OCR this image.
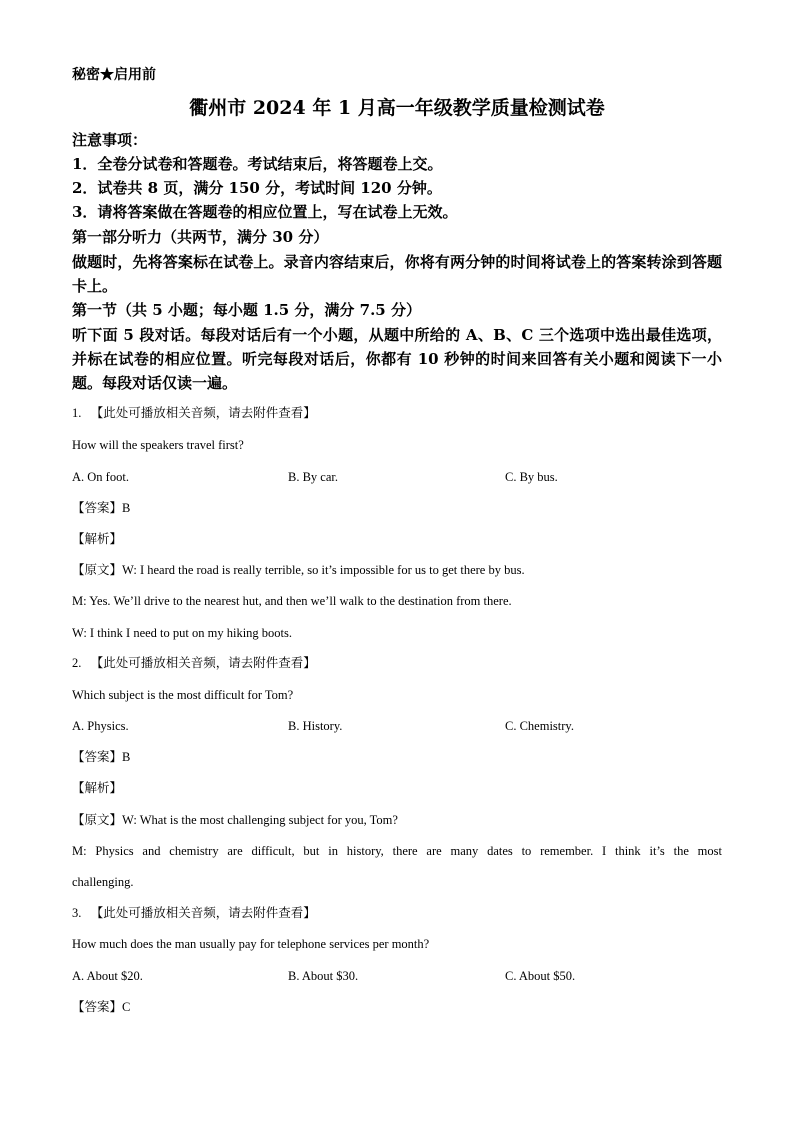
秘密★启用前
衢州市 2024 年 1 月高一年级教学质量检测试卷
注意事项：
1．全卷分试卷和答题卷。考试结束后，将答题卷上交。
2．试卷共 8 页，满分 150 分，考试时间 120 分钟。
3．请将答案做在答题卷的相应位置上，写在试卷上无效。
第一部分听力（共两节，满分 30 分）
做题时，先将答案标在试卷上。录音内容结束后，你将有两分钟的时间将试卷上的答案转涂到答题卡上。
第一节（共 5 小题；每小题 1.5 分，满分 7.5 分）
听下面 5 段对话。每段对话后有一个小题，从题中所给的 A、B、C 三个选项中选出最佳选项，并标在试卷的相应位置。听完每段对话后，你都有 10 秒钟的时间来回答有关小题和阅读下一小题。每段对话仅读一遍。
1. 【此处可播放相关音频，请去附件查看】
How will the speakers travel first?
A. On foot.	B. By car.	C. By bus.
【答案】B
【解析】
【原文】W: I heard the road is really terrible, so it’s impossible for us to get there by bus.
M: Yes. We’ll drive to the nearest hut, and then we’ll walk to the destination from there.
W: I think I need to put on my hiking boots.
2. 【此处可播放相关音频，请去附件查看】
Which subject is the most difficult for Tom?
A. Physics.	B. History.	C. Chemistry.
【答案】B
【解析】
【原文】W: What is the most challenging subject for you, Tom?
M: Physics and chemistry are difficult, but in history, there are many dates to remember. I think it’s the most
challenging.
3. 【此处可播放相关音频，请去附件查看】
How much does the man usually pay for telephone services per month?
A. About $20.	B. About $30.	C. About $50.
【答案】C
